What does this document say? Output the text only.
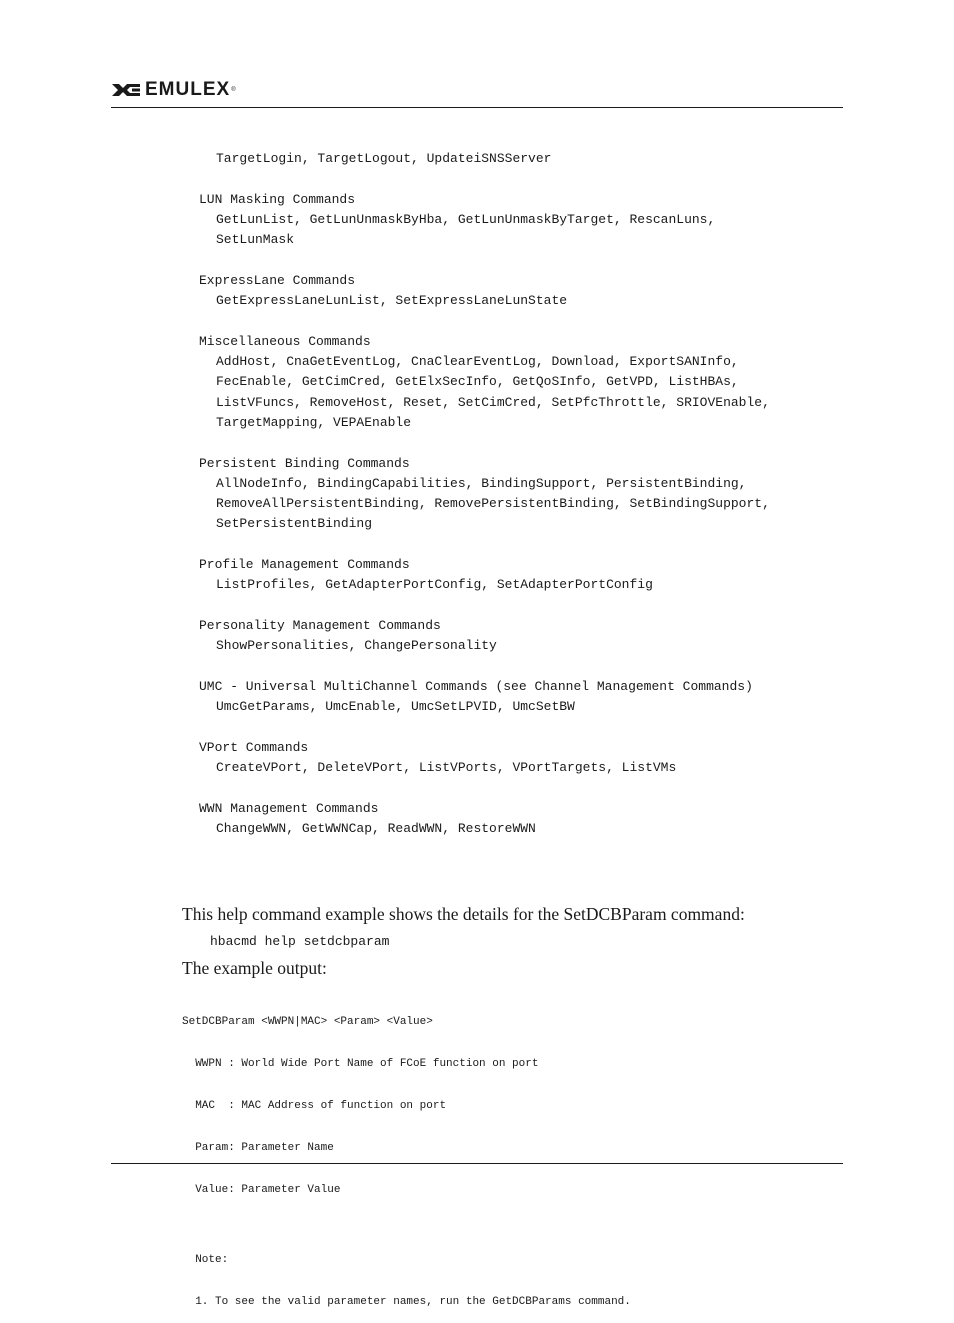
EMULEX ®
TargetLogin, TargetLogout, UpdateiSNSServer
LUN Masking Commands
GetLunList, GetLunUnmaskByHba, GetLunUnmaskByTarget, RescanLuns,
SetLunMask
ExpressLane Commands
GetExpressLaneLunList, SetExpressLaneLunState
Miscellaneous Commands
AddHost, CnaGetEventLog, CnaClearEventLog, Download, ExportSANInfo,
FecEnable, GetCimCred, GetElxSecInfo, GetQoSInfo, GetVPD, ListHBAs,
ListVFuncs, RemoveHost, Reset, SetCimCred, SetPfcThrottle, SRIOVEnable,
TargetMapping, VEPAEnable
Persistent Binding Commands
AllNodeInfo, BindingCapabilities, BindingSupport, PersistentBinding,
RemoveAllPersistentBinding, RemovePersistentBinding, SetBindingSupport,
SetPersistentBinding
Profile Management Commands
ListProfiles, GetAdapterPortConfig, SetAdapterPortConfig
Personality Management Commands
ShowPersonalities, ChangePersonality
UMC - Universal MultiChannel Commands (see Channel Management Commands)
UmcGetParams, UmcEnable, UmcSetLPVID, UmcSetBW
VPort Commands
CreateVPort, DeleteVPort, ListVPorts, VPortTargets, ListVMs
WWN Management Commands
ChangeWWN, GetWWNCap, ReadWWN, RestoreWWN
This help command example shows the details for the SetDCBParam command:
hbacmd help setdcbparam
The example output:

SetDCBParam <WWPN|MAC> <Param> <Value>

WWPN : World Wide Port Name of FCoE function on port

MAC  : MAC Address of function on port

Param: Parameter Name

Value: Parameter Value

Note:

1. To see the valid parameter names, run the GetDCBParams command.
